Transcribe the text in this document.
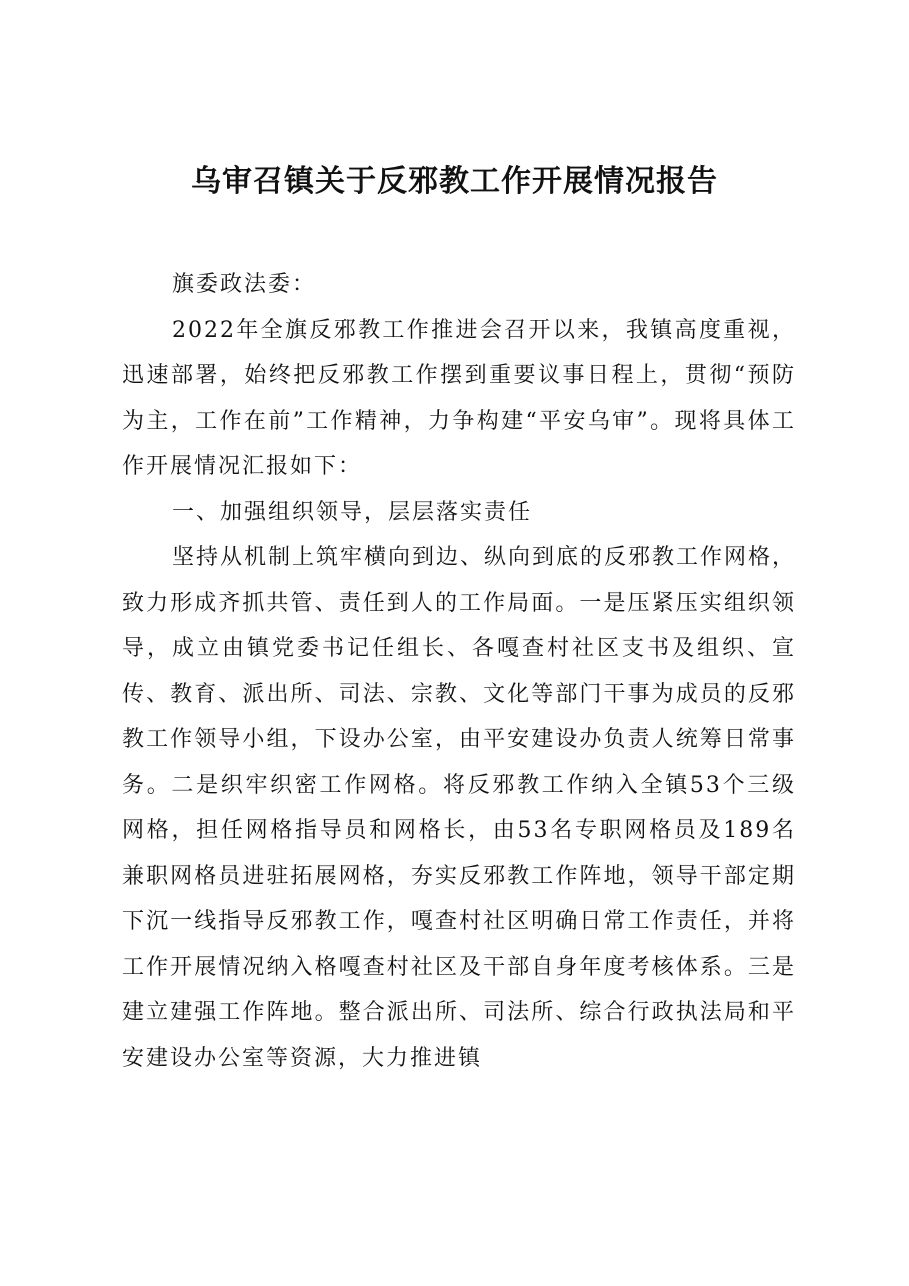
乌审召镇关于反邪教工作开展情况报告

旗委政法委：

2022年全旗反邪教工作推进会召开以来，我镇高度重视，迅速部署，始终把反邪教工作摆到重要议事日程上，贯彻“预防为主，工作在前”工作精神，力争构建“平安乌审”。现将具体工作开展情况汇报如下：

一、加强组织领导，层层落实责任

坚持从机制上筑牢横向到边、纵向到底的反邪教工作网格，致力形成齐抓共管、责任到人的工作局面。一是压紧压实组织领导，成立由镇党委书记任组长、各嘎查村社区支书及组织、宣传、教育、派出所、司法、宗教、文化等部门干事为成员的反邪教工作领导小组，下设办公室，由平安建设办负责人统筹日常事务。二是织牢织密工作网格。将反邪教工作纳入全镇53个三级网格，担任网格指导员和网格长，由53名专职网格员及189名兼职网格员进驻拓展网格，夯实反邪教工作阵地，领导干部定期下沉一线指导反邪教工作，嘎查村社区明确日常工作责任，并将工作开展情况纳入格嘎查村社区及干部自身年度考核体系。三是建立建强工作阵地。整合派出所、司法所、综合行政执法局和平安建设办公室等资源，大力推进镇
